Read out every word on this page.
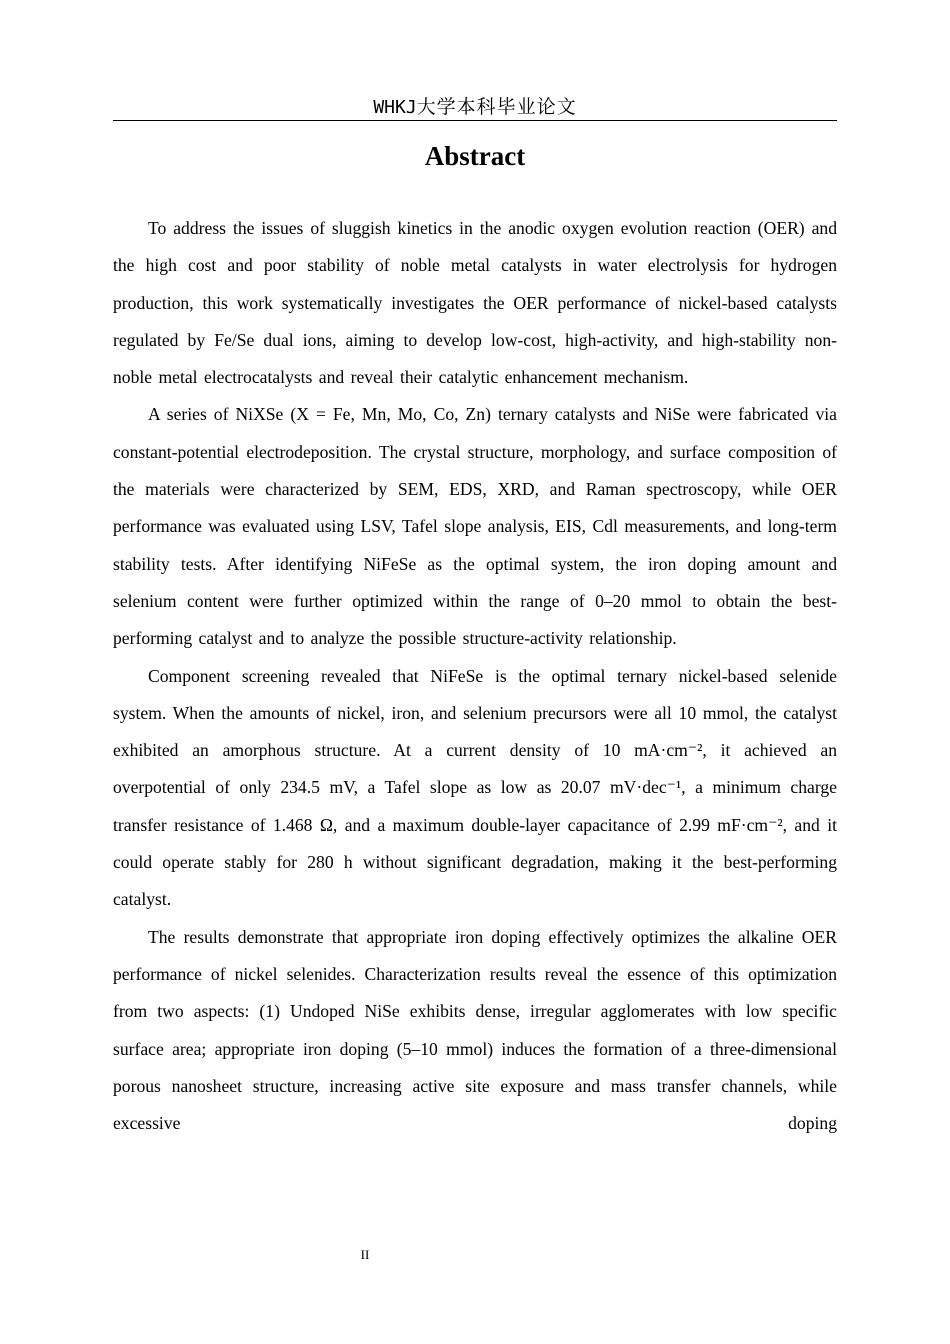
WHKJ大学本科毕业论文
Abstract

To address the issues of sluggish kinetics in the anodic oxygen evolution reaction (OER) and the high cost and poor stability of noble metal catalysts in water electrolysis for hydrogen production, this work systematically investigates the OER performance of nickel-based catalysts regulated by Fe/Se dual ions, aiming to develop low-cost, high-activity, and high-stability non-noble metal electrocatalysts and reveal their catalytic enhancement mechanism.

A series of NiXSe (X = Fe, Mn, Mo, Co, Zn) ternary catalysts and NiSe were fabricated via constant-potential electrodeposition. The crystal structure, morphology, and surface composition of the materials were characterized by SEM, EDS, XRD, and Raman spectroscopy, while OER performance was evaluated using LSV, Tafel slope analysis, EIS, Cdl measurements, and long-term stability tests. After identifying NiFeSe as the optimal system, the iron doping amount and selenium content were further optimized within the range of 0–20 mmol to obtain the best-performing catalyst and to analyze the possible structure-activity relationship.

Component screening revealed that NiFeSe is the optimal ternary nickel-based selenide system. When the amounts of nickel, iron, and selenium precursors were all 10 mmol, the catalyst exhibited an amorphous structure. At a current density of 10 mA·cm⁻², it achieved an overpotential of only 234.5 mV, a Tafel slope as low as 20.07 mV·dec⁻¹, a minimum charge transfer resistance of 1.468 Ω, and a maximum double-layer capacitance of 2.99 mF·cm⁻², and it could operate stably for 280 h without significant degradation, making it the best-performing catalyst.

The results demonstrate that appropriate iron doping effectively optimizes the alkaline OER performance of nickel selenides. Characterization results reveal the essence of this optimization from two aspects: (1) Undoped NiSe exhibits dense, irregular agglomerates with low specific surface area; appropriate iron doping (5–10 mmol) induces the formation of a three-dimensional porous nanosheet structure, increasing active site exposure and mass transfer channels, while excessive doping

II
